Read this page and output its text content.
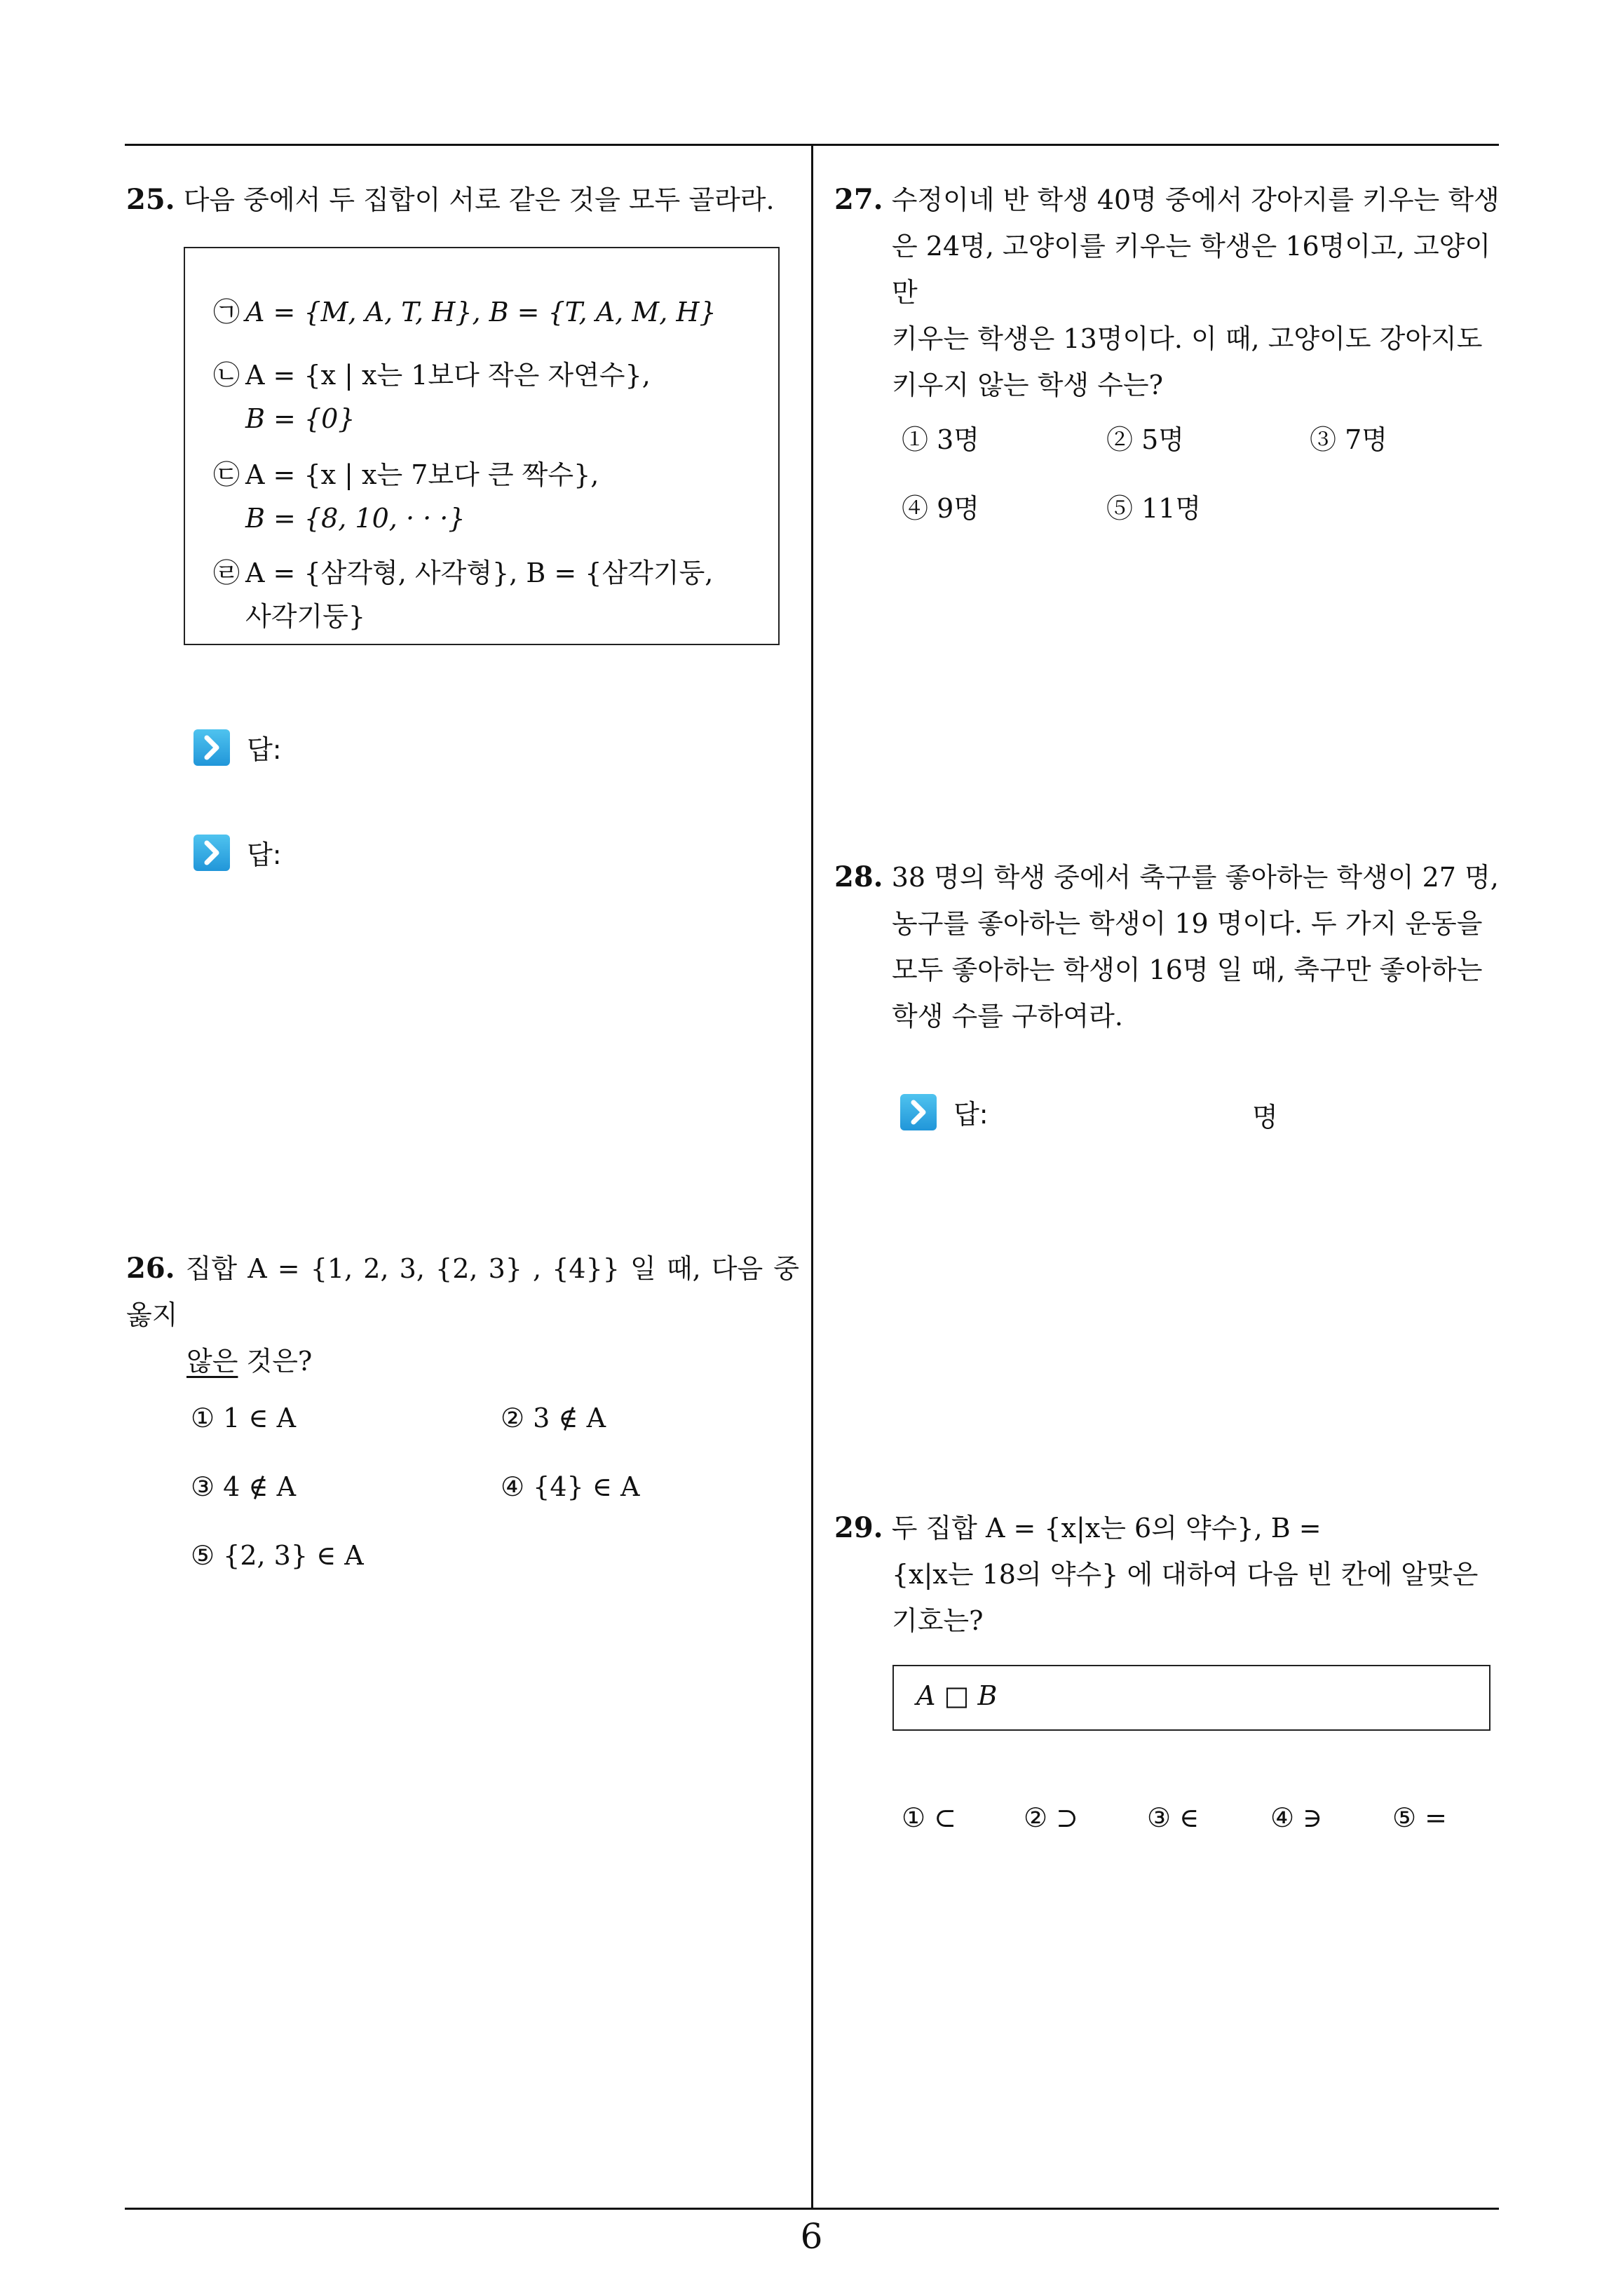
6
25. 다음 중에서 두 집합이 서로 같은 것을 모두 골라라.
㉠ A = {M, A, T, H}, B = {T, A, M, H}
㉡ A = {x | x는 1보다 작은 자연수},
B = {0}
㉢ A = {x | x는 7보다 큰 짝수},
B = {8, 10, · · ·}
㉣ A = {삼각형, 사각형}, B = {삼각기둥,
사각기둥}
답:
답:
26. 집합 A = {1, 2, 3, {2, 3} , {4}} 일 때, 다음 중 옳지
않은 것은?
① 1 ∈ A	② 3 ∉ A
③ 4 ∉ A	④ {4} ∈ A
⑤ {2, 3} ∈ A
27. 수정이네 반 학생 40명 중에서 강아지를 키우는 학생
은 24명, 고양이를 키우는 학생은 16명이고, 고양이만
키우는 학생은 13명이다. 이 때, 고양이도 강아지도
키우지 않는 학생 수는?
① 3명	② 5명	③ 7명
④ 9명	⑤ 11명
28. 38 명의 학생 중에서 축구를 좋아하는 학생이 27 명,
농구를 좋아하는 학생이 19 명이다. 두 가지 운동을
모두 좋아하는 학생이 16명 일 때, 축구만 좋아하는
학생 수를 구하여라.
답:	명
29. 두 집합 A = {x|x는 6의 약수}, B =
{x|x는 18의 약수} 에 대하여 다음 빈 칸에 알맞은
기호는?
A □ B
① ⊂	② ⊃	③ ∈	④ ∋	⑤ =
